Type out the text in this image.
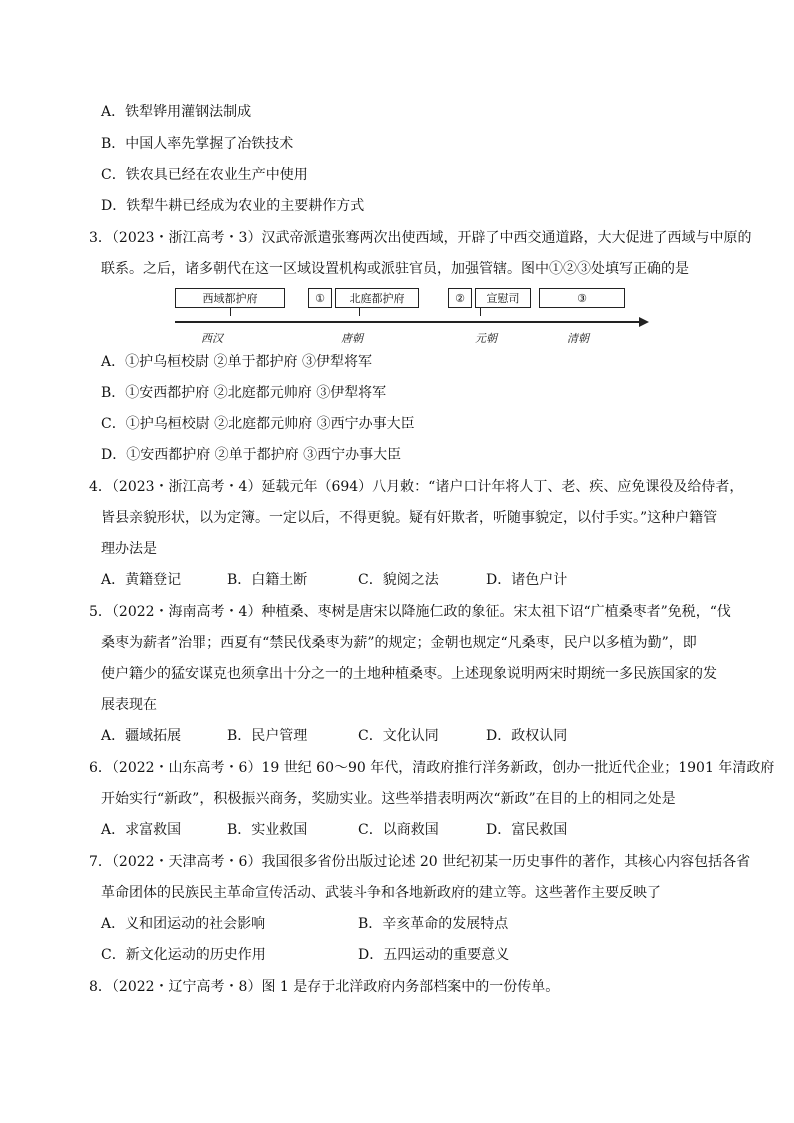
A．铁犁铧用灌钢法制成
B．中国人率先掌握了冶铁技术
C．铁农具已经在农业生产中使用
D．铁犁牛耕已经成为农业的主要耕作方式
3．（2023・浙江高考・3）汉武帝派遣张骞两次出使西域，开辟了中西交通道路，大大促进了西域与中原的
联系。之后，诸多朝代在这一区域设置机构或派驻官员，加强管辖。图中①②③处填写正确的是
西域都护府	①	北庭都护府	②	宣慰司	③
西汉	唐朝	元朝	清朝
A．①护乌桓校尉 ②单于都护府 ③伊犁将军
B．①安西都护府 ②北庭都元帅府 ③伊犁将军
C．①护乌桓校尉 ②北庭都元帅府 ③西宁办事大臣
D．①安西都护府 ②单于都护府 ③西宁办事大臣
4．（2023・浙江高考・4）延载元年（694）八月敕：“诸户口计年将人丁、老、疾、应免课役及给侍者，
皆县亲貌形状，以为定簿。一定以后，不得更貌。疑有奸欺者，听随事貌定，以付手实。”这种户籍管
理办法是
A．黄籍登记	B．白籍土断	C．貌阅之法	D．诸色户计
5．（2022・海南高考・4）种植桑、枣树是唐宋以降施仁政的象征。宋太祖下诏“广植桑枣者”免税，“伐
桑枣为薪者”治罪；西夏有“禁民伐桑枣为薪”的规定；金朝也规定“凡桑枣，民户以多植为勤”，即
使户籍少的猛安谋克也须拿出十分之一的土地种植桑枣。上述现象说明两宋时期统一多民族国家的发
展表现在
A．疆域拓展	B．民户管理	C．文化认同	D．政权认同
6．（2022・山东高考・6）19 世纪 60～90 年代，清政府推行洋务新政，创办一批近代企业；1901 年清政府
开始实行“新政”，积极振兴商务，奖励实业。这些举措表明两次“新政”在目的上的相同之处是
A．求富救国	B．实业救国	C．以商救国	D．富民救国
7．（2022・天津高考・6）我国很多省份出版过论述 20 世纪初某一历史事件的著作，其核心内容包括各省
革命团体的民族民主革命宣传活动、武装斗争和各地新政府的建立等。这些著作主要反映了
A．义和团运动的社会影响	B．辛亥革命的发展特点
C．新文化运动的历史作用	D．五四运动的重要意义
8．（2022・辽宁高考・8）图 1 是存于北洋政府内务部档案中的一份传单。
